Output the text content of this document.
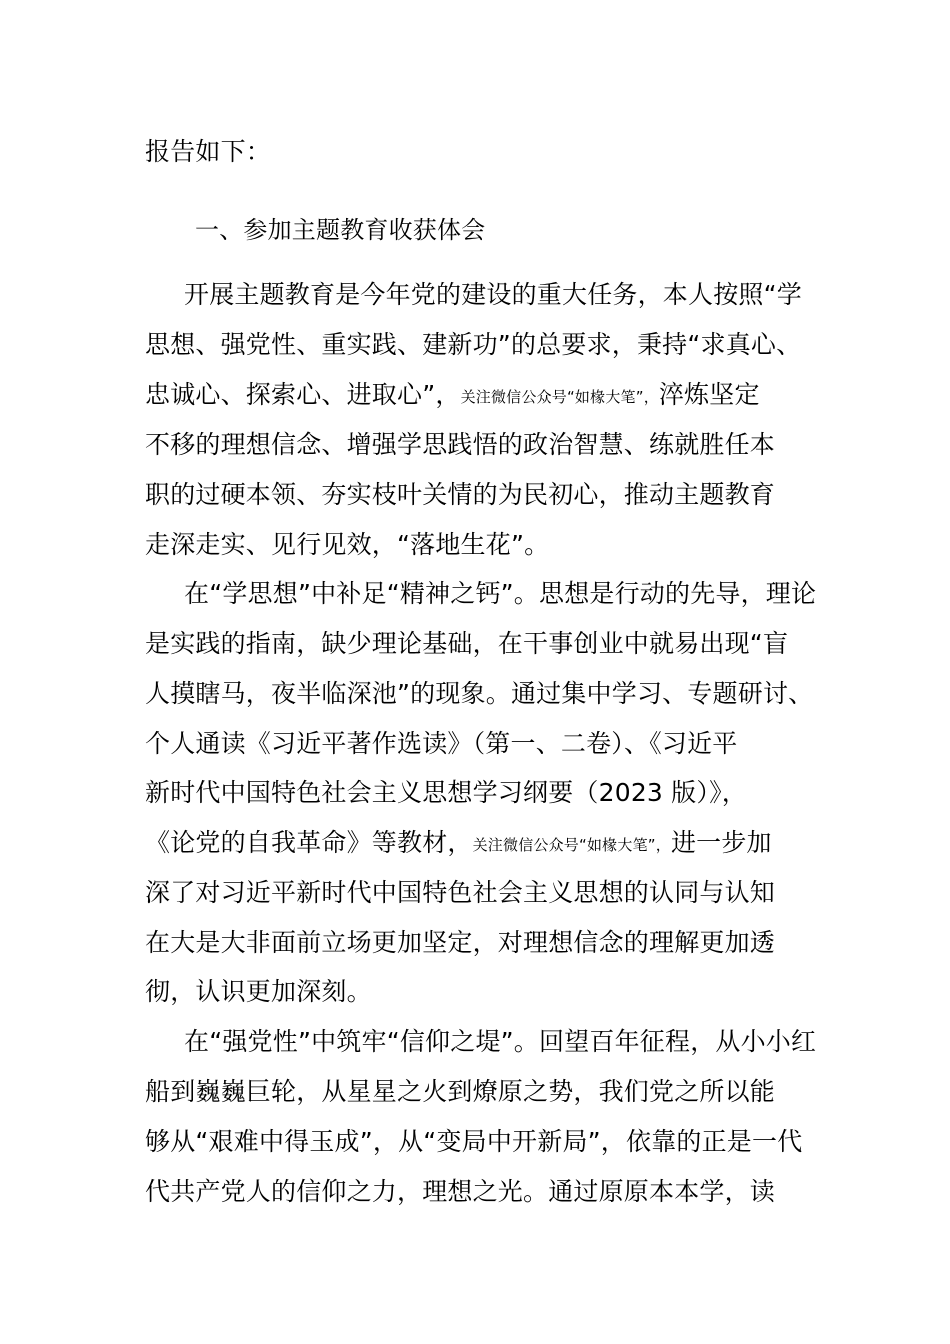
报告如下：
一、参加主题教育收获体会
开展主题教育是今年党的建设的重大任务，本人按照“学
思想、强党性、重实践、建新功”的总要求，秉持“求真心、
忠诚心、探索心、进取心”，关注微信公众号“如椽大笔”，淬炼坚定
不移的理想信念、增强学思践悟的政治智慧、练就胜任本
职的过硬本领、夯实枝叶关情的为民初心，推动主题教育
走深走实、见行见效，“落地生花”。
在“学思想”中补足“精神之钙”。思想是行动的先导，理论
是实践的指南，缺少理论基础，在干事创业中就易出现“盲
人摸瞎马，夜半临深池”的现象。通过集中学习、专题研讨、
个人通读《习近平著作选读》（第一、二卷）、《习近平
新时代中国特色社会主义思想学习纲要（2023 版）》，
《论党的自我革命》等教材，关注微信公众号“如椽大笔”，进一步加
深了对习近平新时代中国特色社会主义思想的认同与认知
在大是大非面前立场更加坚定，对理想信念的理解更加透
彻，认识更加深刻。
在“强党性”中筑牢“信仰之堤”。回望百年征程，从小小红
船到巍巍巨轮，从星星之火到燎原之势，我们党之所以能
够从“艰难中得玉成”，从“变局中开新局”，依靠的正是一代
代共产党人的信仰之力，理想之光。通过原原本本学，读
